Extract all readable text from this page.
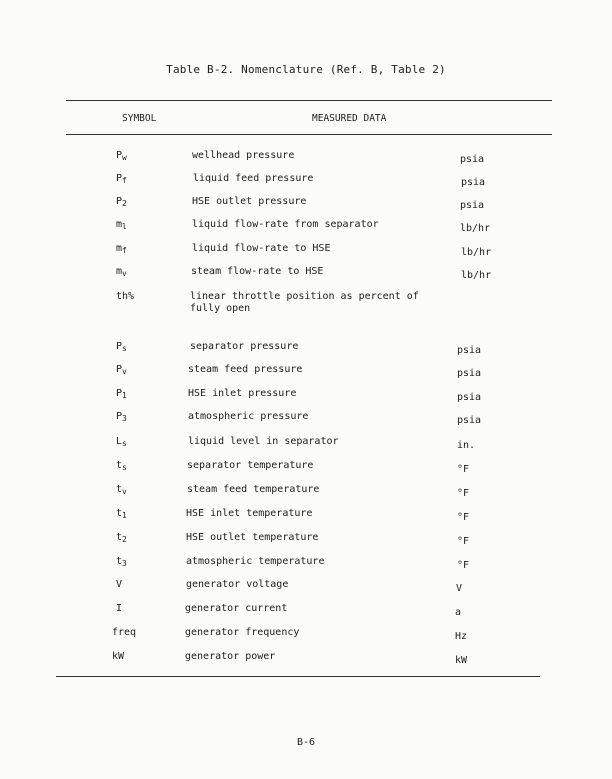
Table B-2. Nomenclature (Ref. B, Table 2)
SYMBOL	MEASURED DATA
$P_w$	wellhead pressure	psia
$P_f$	liquid feed pressure	psia
$P_2$	HSE outlet pressure	psia
$m_l$	liquid flow-rate from separator	lb/hr
$m_f$	liquid flow-rate to HSE	lb/hr
$m_v$	steam flow-rate to HSE	lb/hr
th%	linear throttle position as percent of fully open
$P_s$	separator pressure	psia
$P_v$	steam feed pressure	psia
$P_1$	HSE inlet pressure	psia
$P_3$	atmospheric pressure	psia
$L_s$	liquid level in separator	in.
$t_s$	separator temperature	°F
$t_v$	steam feed temperature	°F
$t_1$	HSE inlet temperature	°F
$t_2$	HSE outlet temperature	°F
$t_3$	atmospheric temperature	°F
V	generator voltage	V
I	generator current	a
freq	generator frequency	Hz
kW	generator power	kW
B-6
